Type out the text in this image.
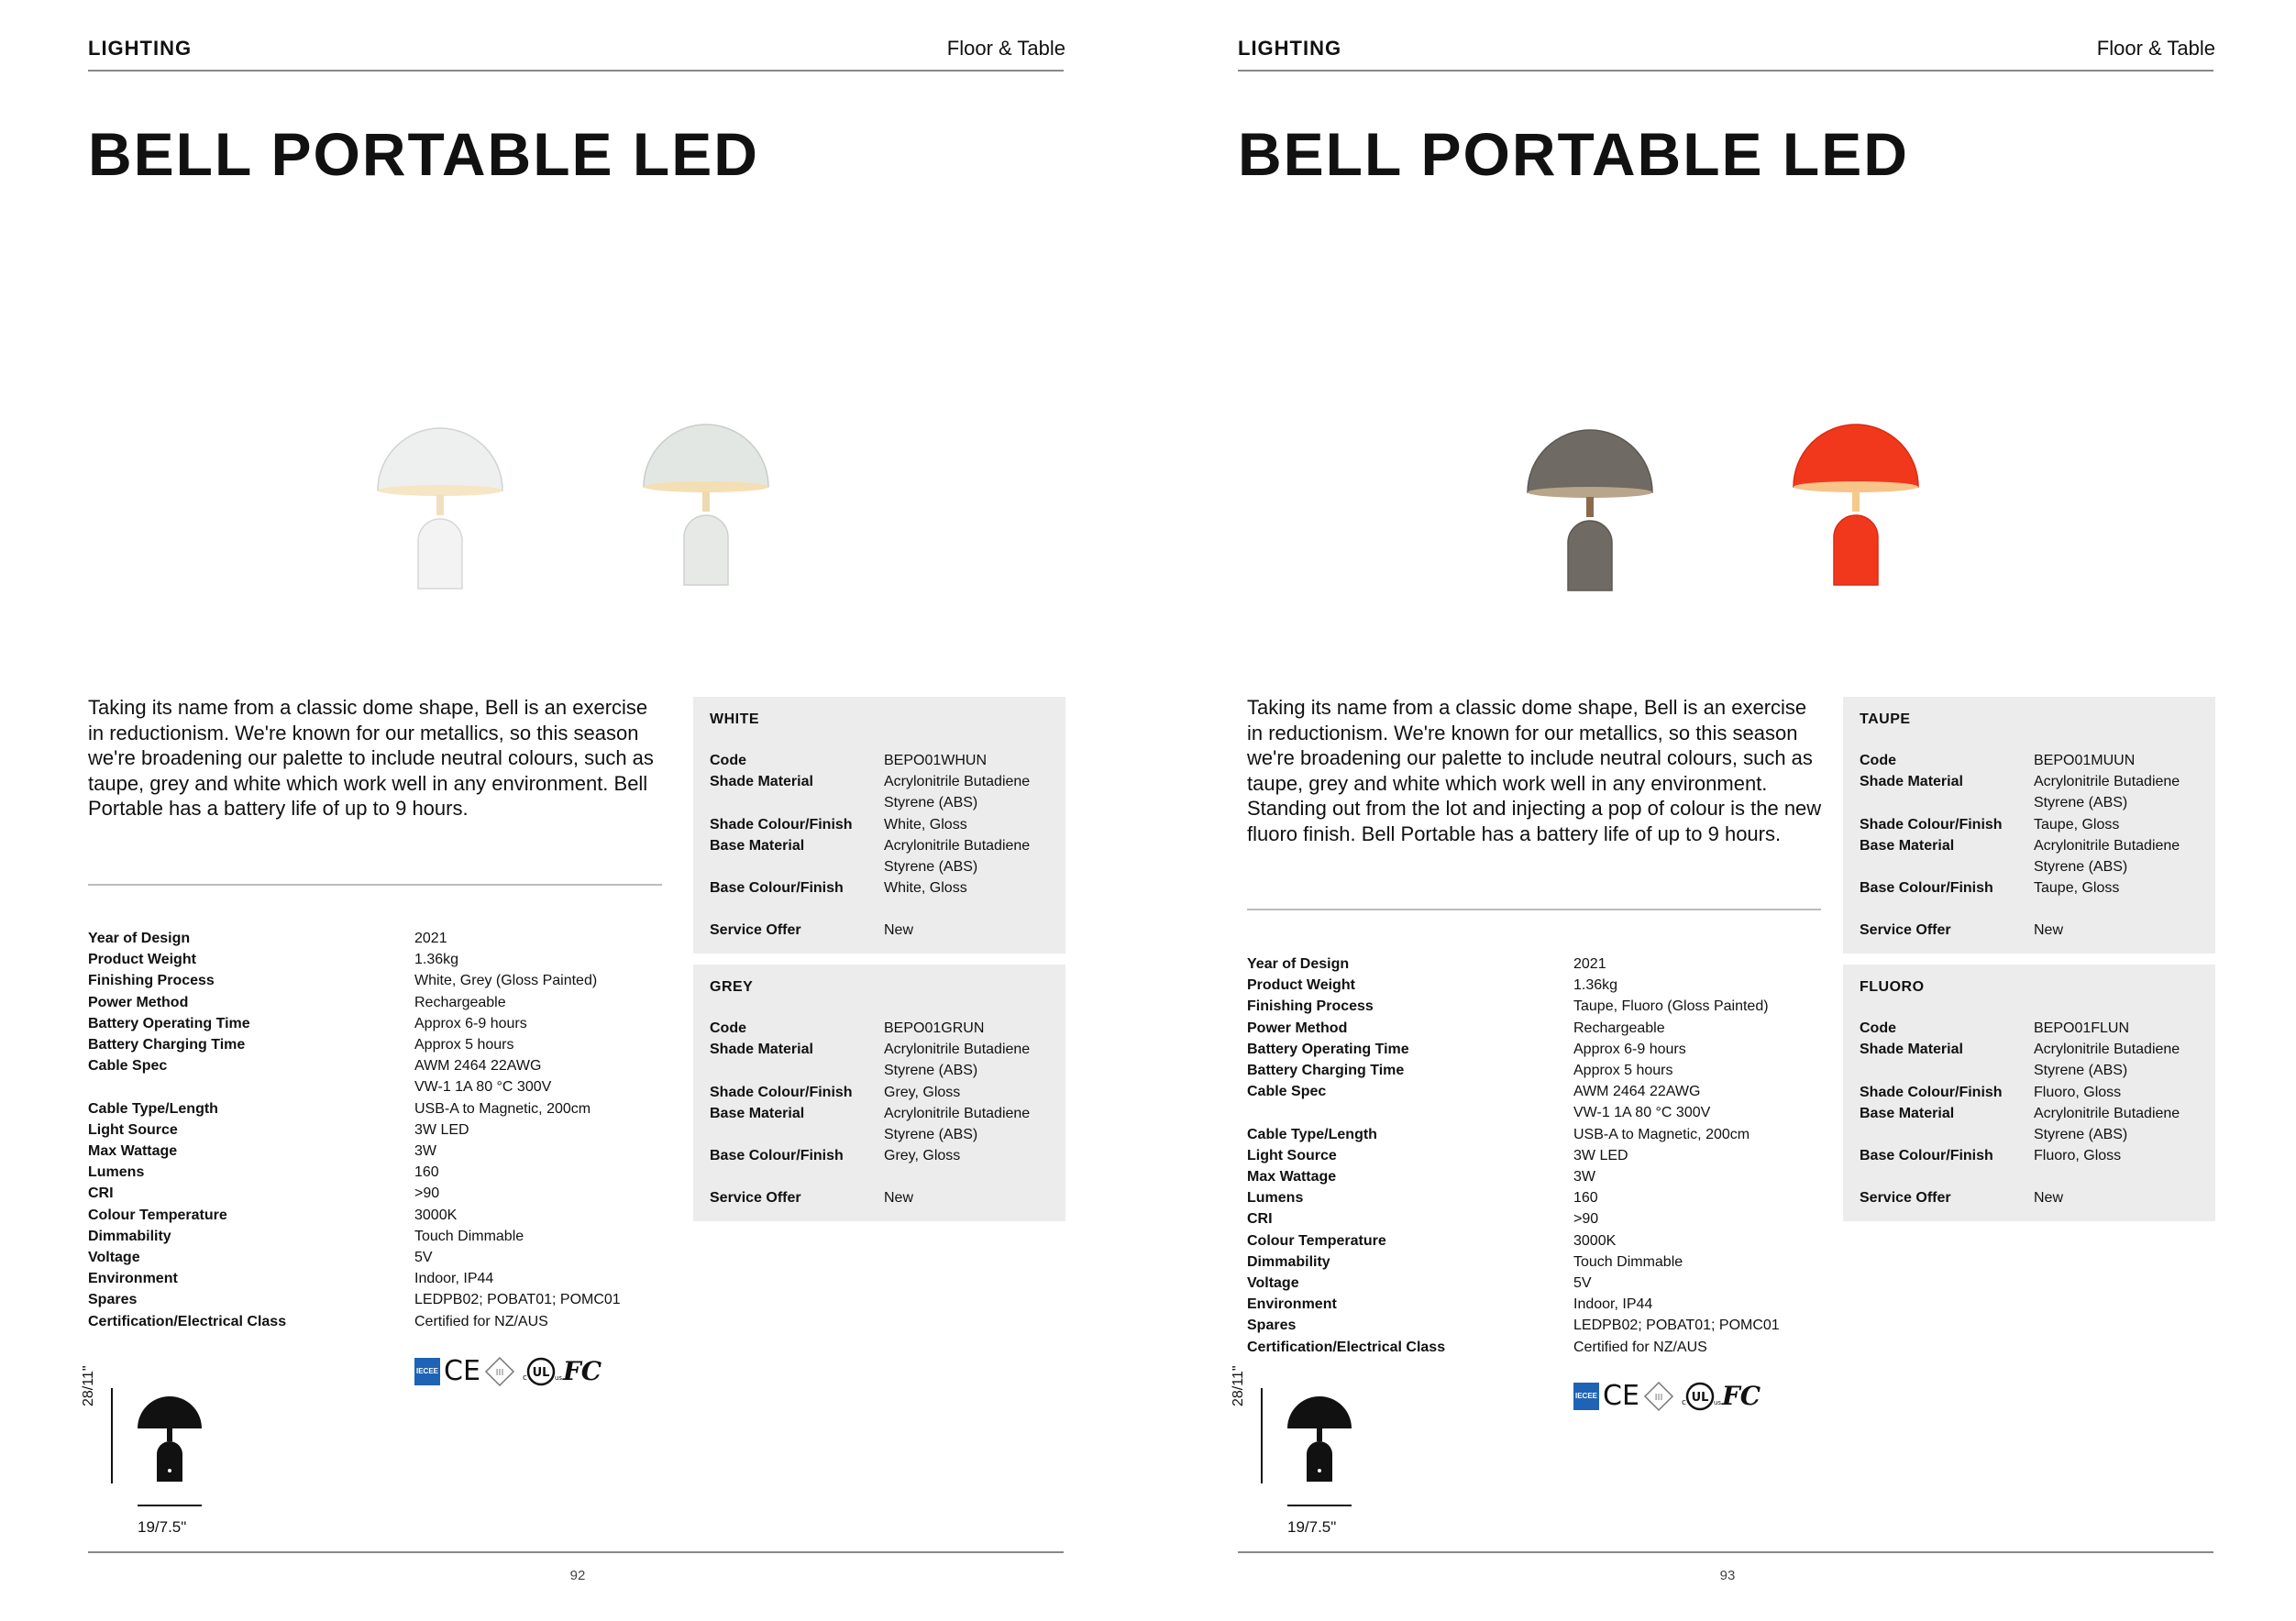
LIGHTING	Floor & Table
BELL PORTABLE LED
Taking its name from a classic dome shape, Bell is an exercise in reductionism. We're known for our metallics, so this season we're broadening our palette to include neutral colours, such as taupe, grey and white which work well in any environment. Bell Portable has a battery life of up to 9 hours.
Year of Design	2021
Product Weight	1.36kg
Finishing Process	White, Grey (Gloss Painted)
Power Method	Rechargeable
Battery Operating Time	Approx 6-9 hours
Battery Charging Time	Approx 5 hours
Cable Spec	AWM 2464 22AWG
VW-1 1A 80 °C 300V
Cable Type/Length	USB-A to Magnetic, 200cm
Light Source	3W LED
Max Wattage	3W
Lumens	160
CRI	>90
Colour Temperature	3000K
Dimmability	Touch Dimmable
Voltage	5V
Environment	Indoor, IP44
Spares	LEDPB02; POBAT01; POMC01
Certification/Electrical Class	Certified for NZ/AUS
IECEE CE III UL
c	us FC
28/11"
19/7.5"
WHITE
Code	BEPO01WHUN
Shade Material	Acrylonitrile Butadiene
Styrene (ABS)
Shade Colour/Finish	White, Gloss
Base Material	Acrylonitrile Butadiene
Styrene (ABS)
Base Colour/Finish	White, Gloss
Service Offer	New
GREY
Code	BEPO01GRUN
Shade Material	Acrylonitrile Butadiene
Styrene (ABS)
Shade Colour/Finish	Grey, Gloss
Base Material	Acrylonitrile Butadiene
Styrene (ABS)
Base Colour/Finish	Grey, Gloss
Service Offer	New
92
LIGHTING	Floor & Table
BELL PORTABLE LED
Taking its name from a classic dome shape, Bell is an exercise in reductionism. We're known for our metallics, so this season we're broadening our palette to include neutral colours, such as taupe, grey and white which work well in any environment. Standing out from the lot and injecting a pop of colour is the new fluoro finish. Bell Portable has a battery life of up to 9 hours.
Year of Design	2021
Product Weight	1.36kg
Finishing Process	Taupe, Fluoro (Gloss Painted)
Power Method	Rechargeable
Battery Operating Time	Approx 6-9 hours
Battery Charging Time	Approx 5 hours
Cable Spec	AWM 2464 22AWG
VW-1 1A 80 °C 300V
Cable Type/Length	USB-A to Magnetic, 200cm
Light Source	3W LED
Max Wattage	3W
Lumens	160
CRI	>90
Colour Temperature	3000K
Dimmability	Touch Dimmable
Voltage	5V
Environment	Indoor, IP44
Spares	LEDPB02; POBAT01; POMC01
Certification/Electrical Class	Certified for NZ/AUS
IECEE CE III UL
c	us FC
28/11"
19/7.5"
TAUPE
Code	BEPO01MUUN
Shade Material	Acrylonitrile Butadiene
Styrene (ABS)
Shade Colour/Finish	Taupe, Gloss
Base Material	Acrylonitrile Butadiene
Styrene (ABS)
Base Colour/Finish	Taupe, Gloss
Service Offer	New
FLUORO
Code	BEPO01FLUN
Shade Material	Acrylonitrile Butadiene
Styrene (ABS)
Shade Colour/Finish	Fluoro, Gloss
Base Material	Acrylonitrile Butadiene
Styrene (ABS)
Base Colour/Finish	Fluoro, Gloss
Service Offer	New
93
